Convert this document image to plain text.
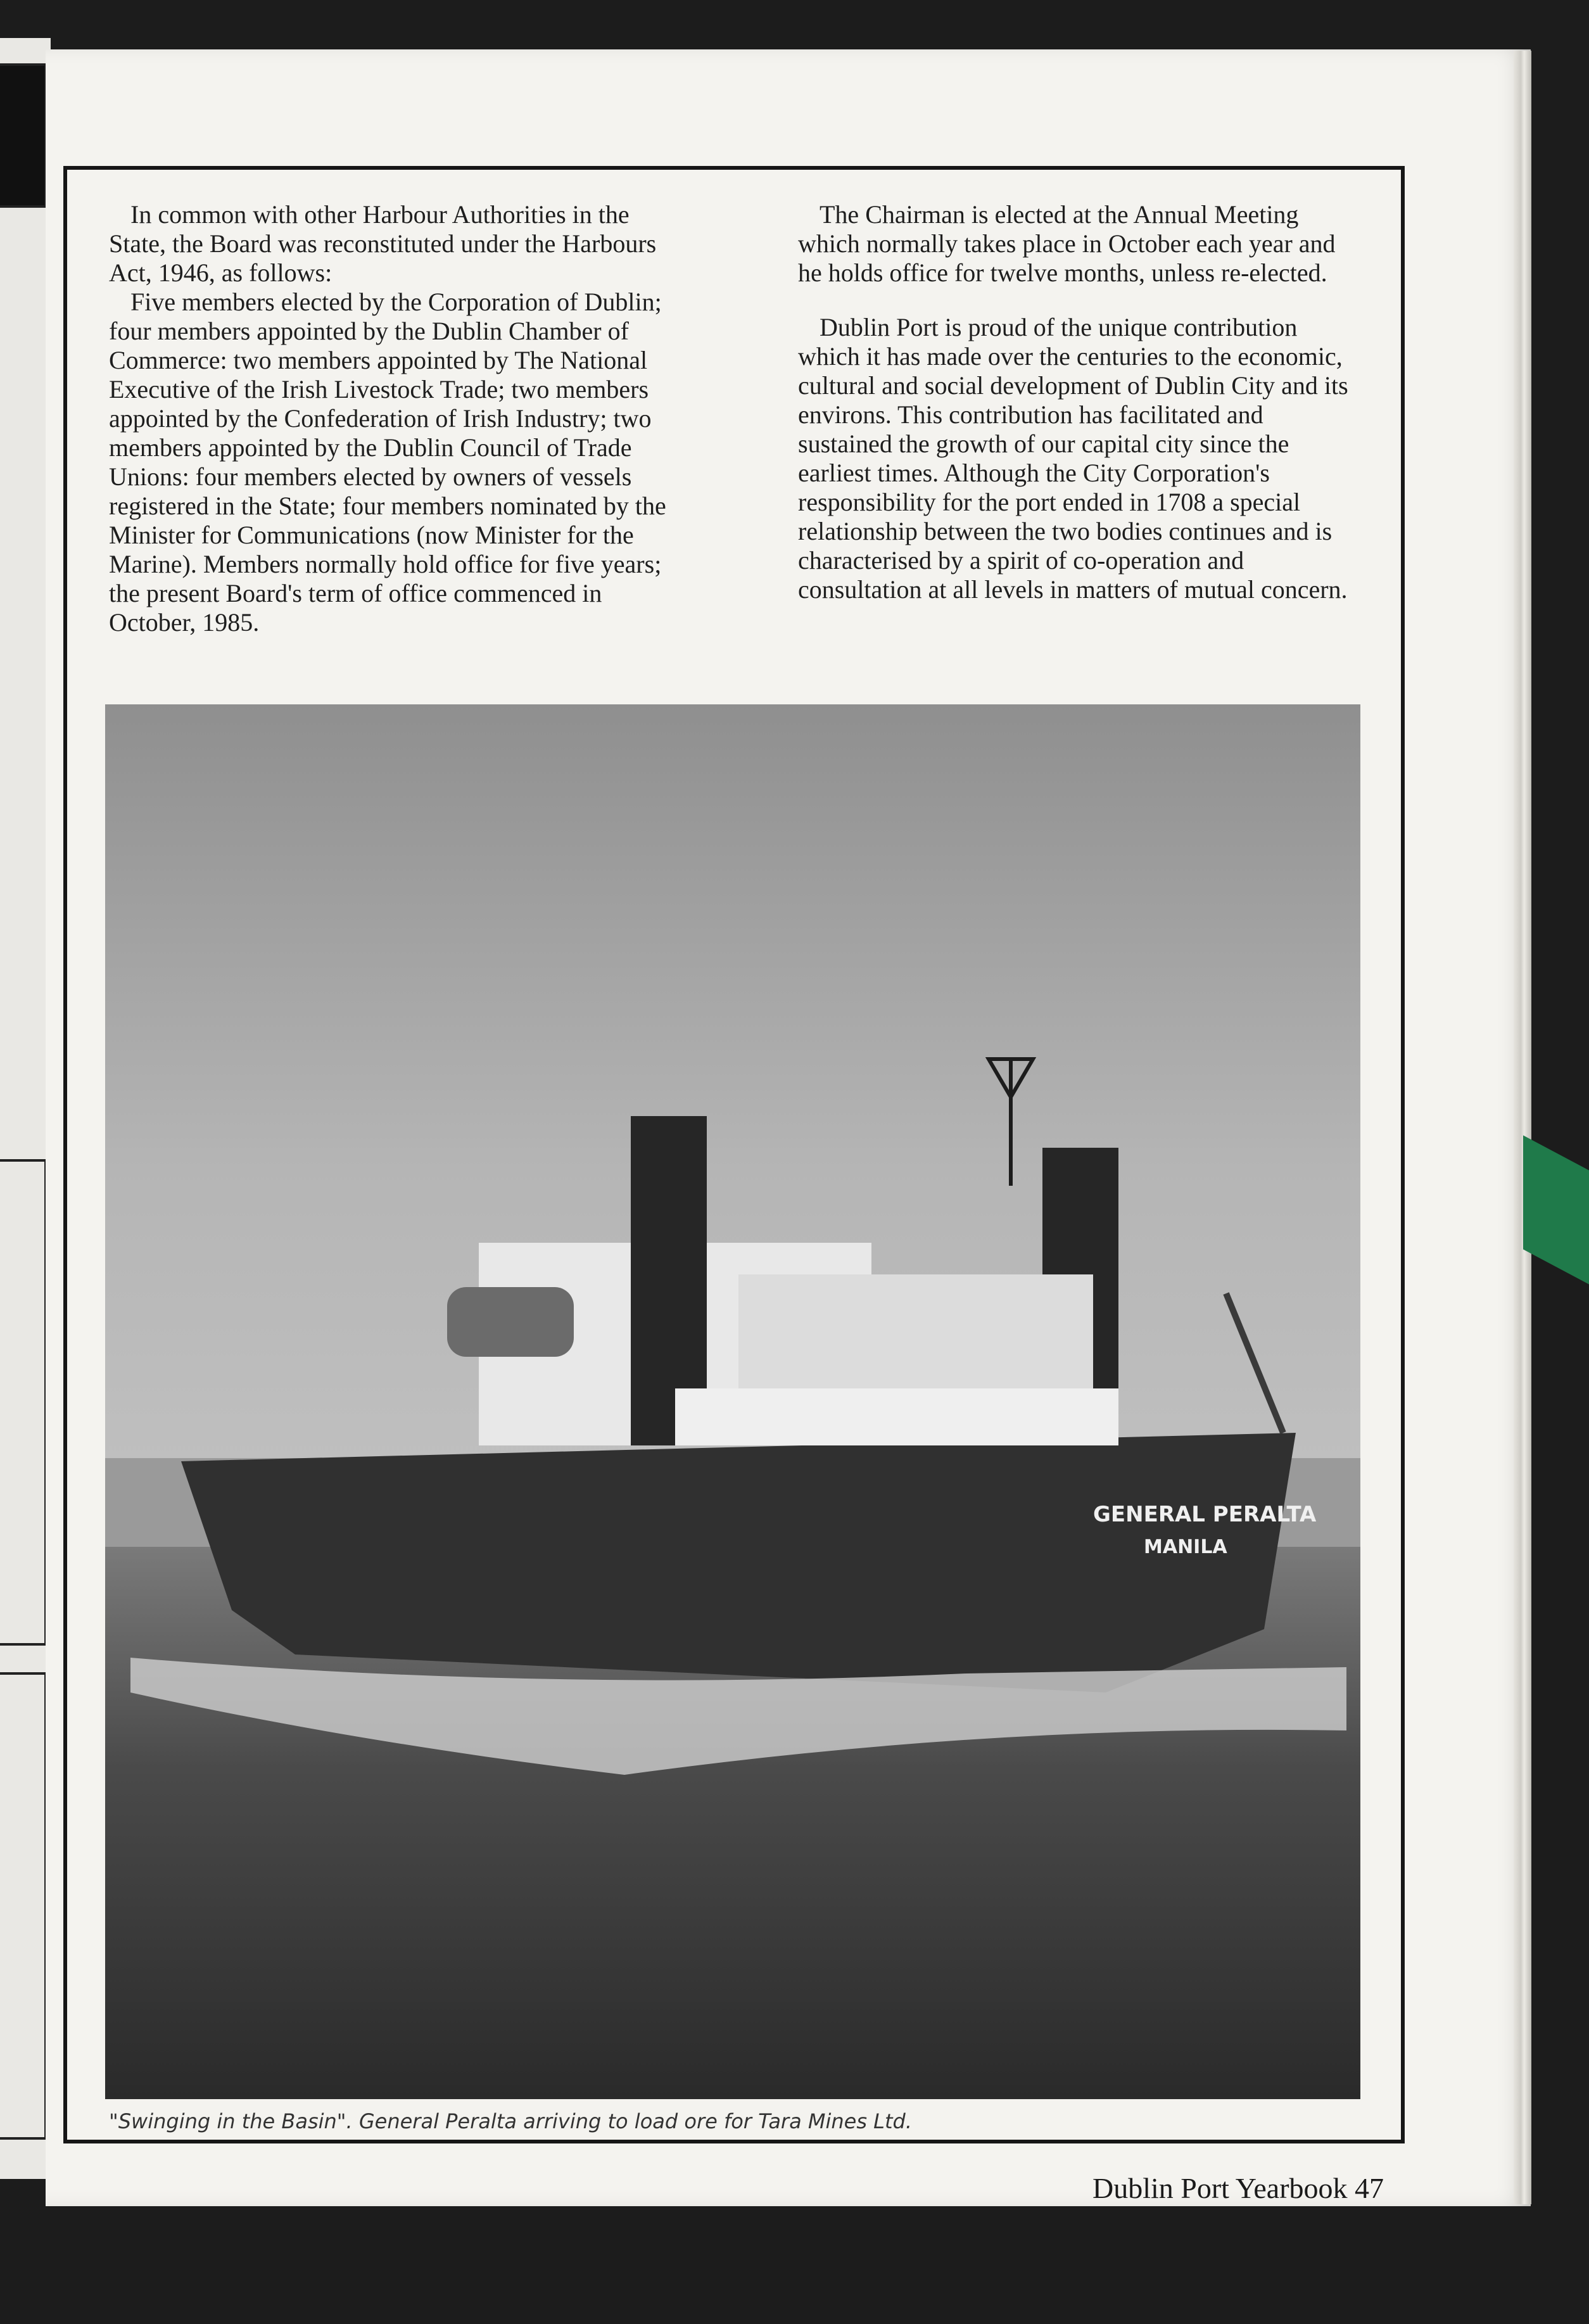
In common with other Harbour Authorities in the State, the Board was reconstituted under the Harbours Act, 1946, as follows:

Five members elected by the Corporation of Dublin; four members appointed by the Dublin Chamber of Commerce: two members appointed by The National Executive of the Irish Livestock Trade; two members appointed by the Confederation of Irish Industry; two members appointed by the Dublin Council of Trade Unions: four members elected by owners of vessels registered in the State; four members nominated by the Minister for Communications (now Minister for the Marine). Members normally hold office for five years; the present Board's term of office commenced in October, 1985.

The Chairman is elected at the Annual Meeting which normally takes place in October each year and he holds office for twelve months, unless re-elected.

Dublin Port is proud of the unique contribution which it has made over the centuries to the economic, cultural and social development of Dublin City and its environs. This contribution has facilitated and sustained the growth of our capital city since the earliest times. Although the City Corporation's responsibility for the port ended in 1708 a special relationship between the two bodies continues and is characterised by a spirit of co-operation and consultation at all levels in matters of mutual concern.

GENERAL PERALTA
MANILA
"Swinging in the Basin". General Peralta arriving to load ore for Tara Mines Ltd.
Dublin Port Yearbook 47
